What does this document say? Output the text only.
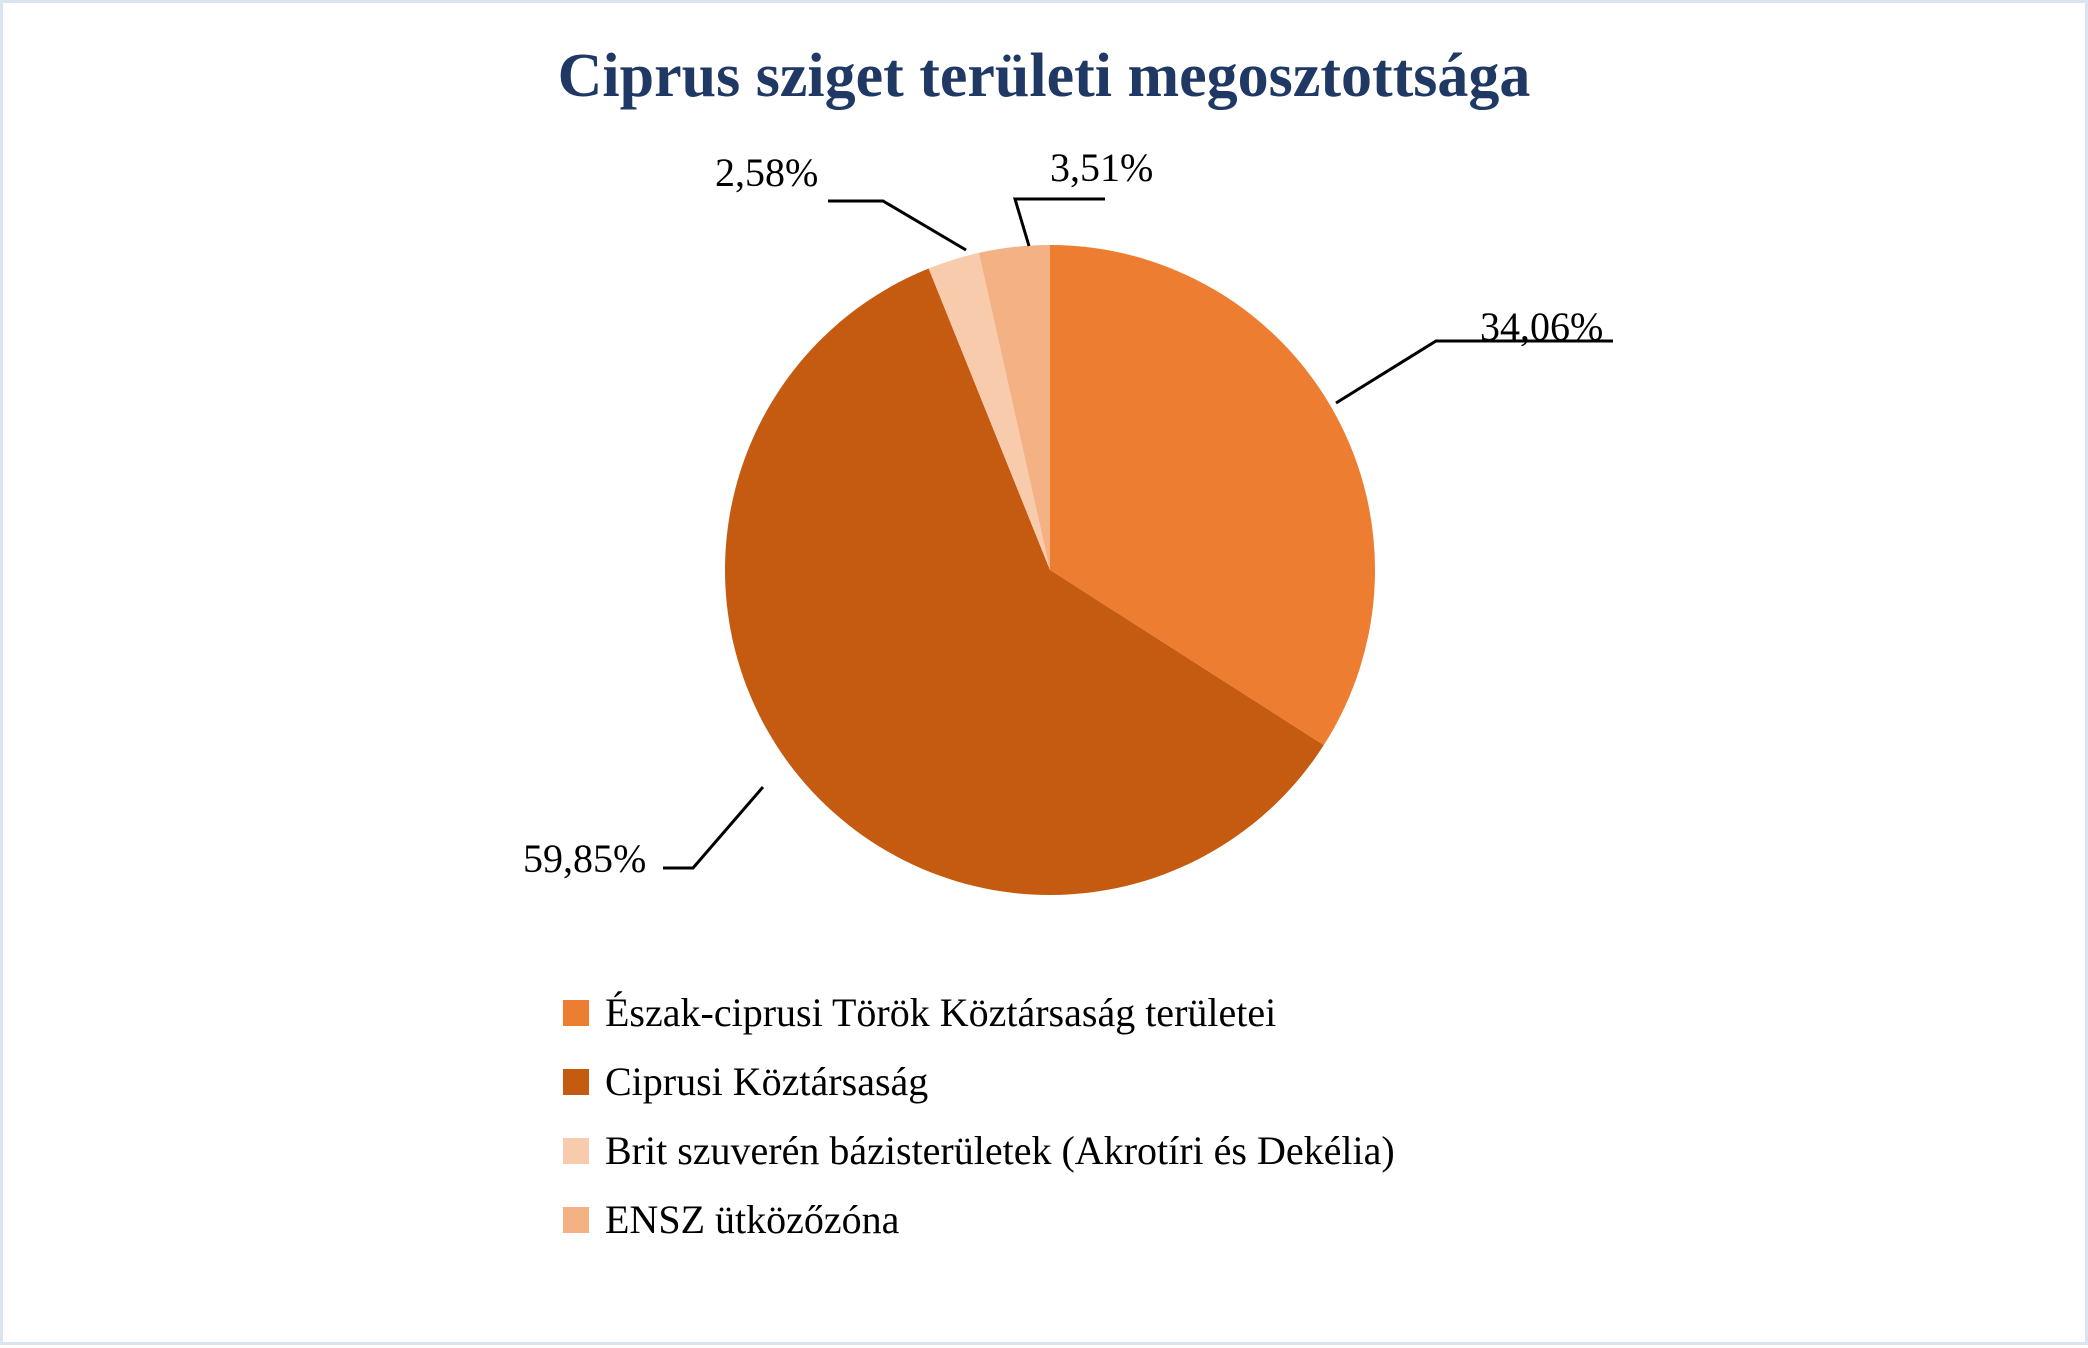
Ciprus sziget területi megosztottsága
34,06%
59,85%
2,58%	3,51%
Észak-ciprusi Török Köztársaság területei
Ciprusi Köztársaság
Brit szuverén bázisterületek (Akrotíri és Dekélia)
ENSZ ütközőzóna
